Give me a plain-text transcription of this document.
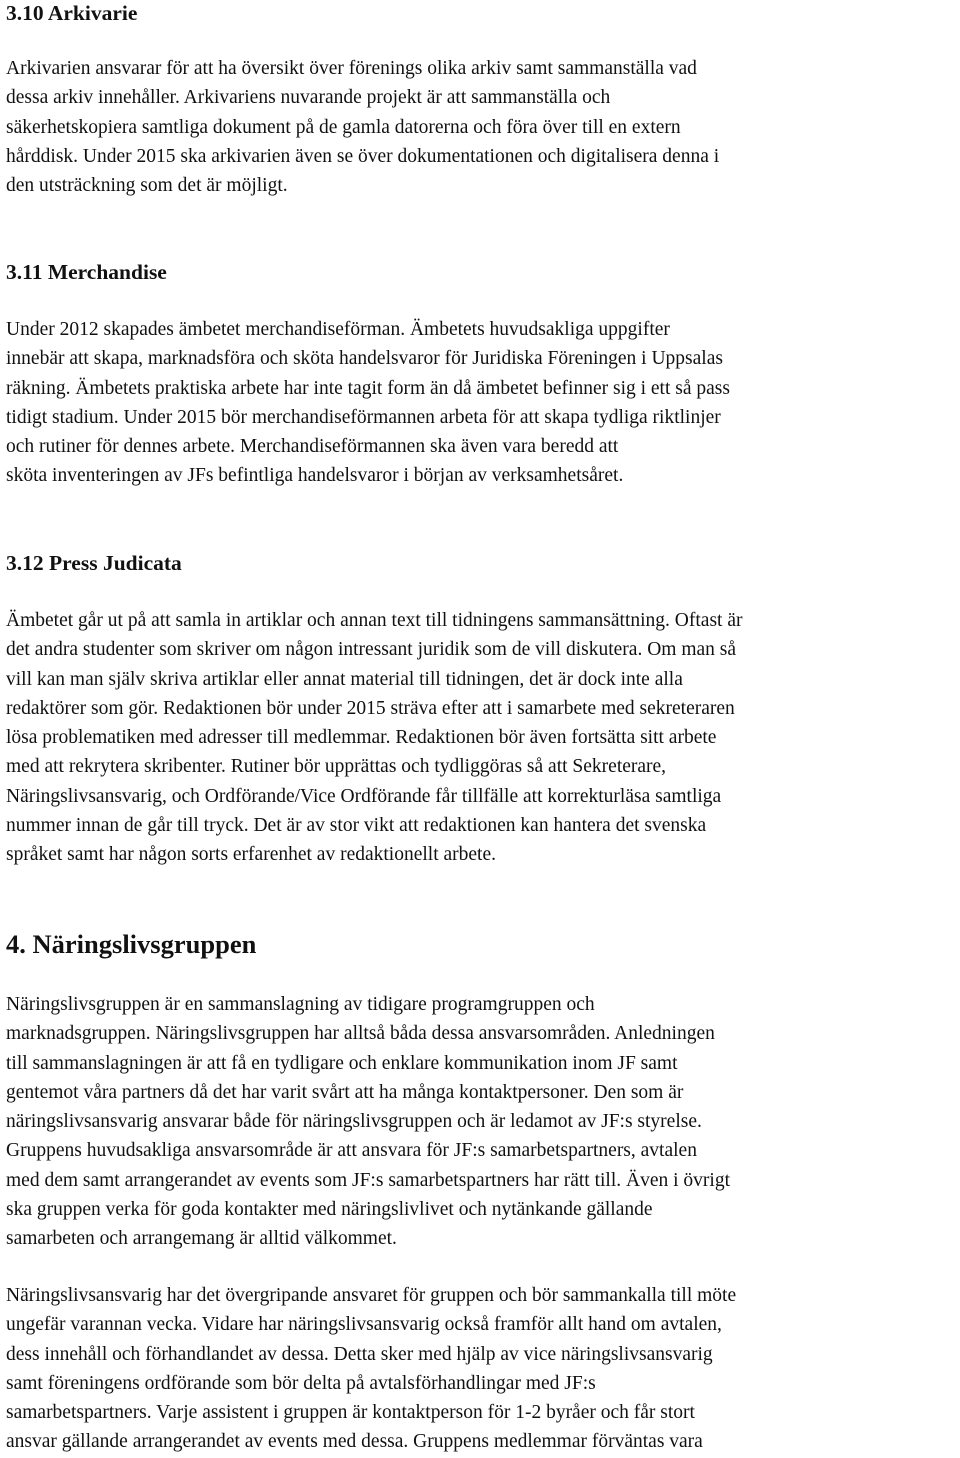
3.10 Arkivarie
Arkivarien ansvarar för att ha översikt över förenings olika arkiv samt sammanställa vad
dessa arkiv innehåller. Arkivariens nuvarande projekt är att sammanställa och
säkerhetskopiera samtliga dokument på de gamla datorerna och föra över till en extern
hårddisk. Under 2015 ska arkivarien även se över dokumentationen och digitalisera denna i
den utsträckning som det är möjligt.
3.11 Merchandise
Under 2012 skapades ämbetet merchandiseförman. Ämbetets huvudsakliga uppgifter
innebär att skapa, marknadsföra och sköta handelsvaror för Juridiska Föreningen i Uppsalas
räkning. Ämbetets praktiska arbete har inte tagit form än då ämbetet befinner sig i ett så pass
tidigt stadium. Under 2015 bör merchandiseförmannen arbeta för att skapa tydliga riktlinjer
och rutiner för dennes arbete. Merchandiseförmannen ska även vara beredd att
sköta inventeringen av JFs befintliga handelsvaror i början av verksamhetsåret.
3.12 Press Judicata
Ämbetet går ut på att samla in artiklar och annan text till tidningens sammansättning. Oftast är
det andra studenter som skriver om någon intressant juridik som de vill diskutera. Om man så
vill kan man själv skriva artiklar eller annat material till tidningen, det är dock inte alla
redaktörer som gör. Redaktionen bör under 2015 sträva efter att i samarbete med sekreteraren
lösa problematiken med adresser till medlemmar. Redaktionen bör även fortsätta sitt arbete
med att rekrytera skribenter. Rutiner bör upprättas och tydliggöras så att Sekreterare,
Näringslivsansvarig, och Ordförande/Vice Ordförande får tillfälle att korrekturläsa samtliga
nummer innan de går till tryck. Det är av stor vikt att redaktionen kan hantera det svenska
språket samt har någon sorts erfarenhet av redaktionellt arbete.
4. Näringslivsgruppen
Näringslivsgruppen är en sammanslagning av tidigare programgruppen och
marknadsgruppen. Näringslivsgruppen har alltså båda dessa ansvarsområden. Anledningen
till sammanslagningen är att få en tydligare och enklare kommunikation inom JF samt
gentemot våra partners då det har varit svårt att ha många kontaktpersoner. Den som är
näringslivsansvarig ansvarar både för näringslivsgruppen och är ledamot av JF:s styrelse.
Gruppens huvudsakliga ansvarsområde är att ansvara för JF:s samarbetspartners, avtalen
med dem samt arrangerandet av events som JF:s samarbetspartners har rätt till. Även i övrigt
ska gruppen verka för goda kontakter med näringslivlivet och nytänkande gällande
samarbeten och arrangemang är alltid välkommet.
Näringslivsansvarig har det övergripande ansvaret för gruppen och bör sammankalla till möte
ungefär varannan vecka. Vidare har näringslivsansvarig också framför allt hand om avtalen,
dess innehåll och förhandlandet av dessa. Detta sker med hjälp av vice näringslivsansvarig
samt föreningens ordförande som bör delta på avtalsförhandlingar med JF:s
samarbetspartners. Varje assistent i gruppen är kontaktperson för 1-2 byråer och får stort
ansvar gällande arrangerandet av events med dessa. Gruppens medlemmar förväntas vara
